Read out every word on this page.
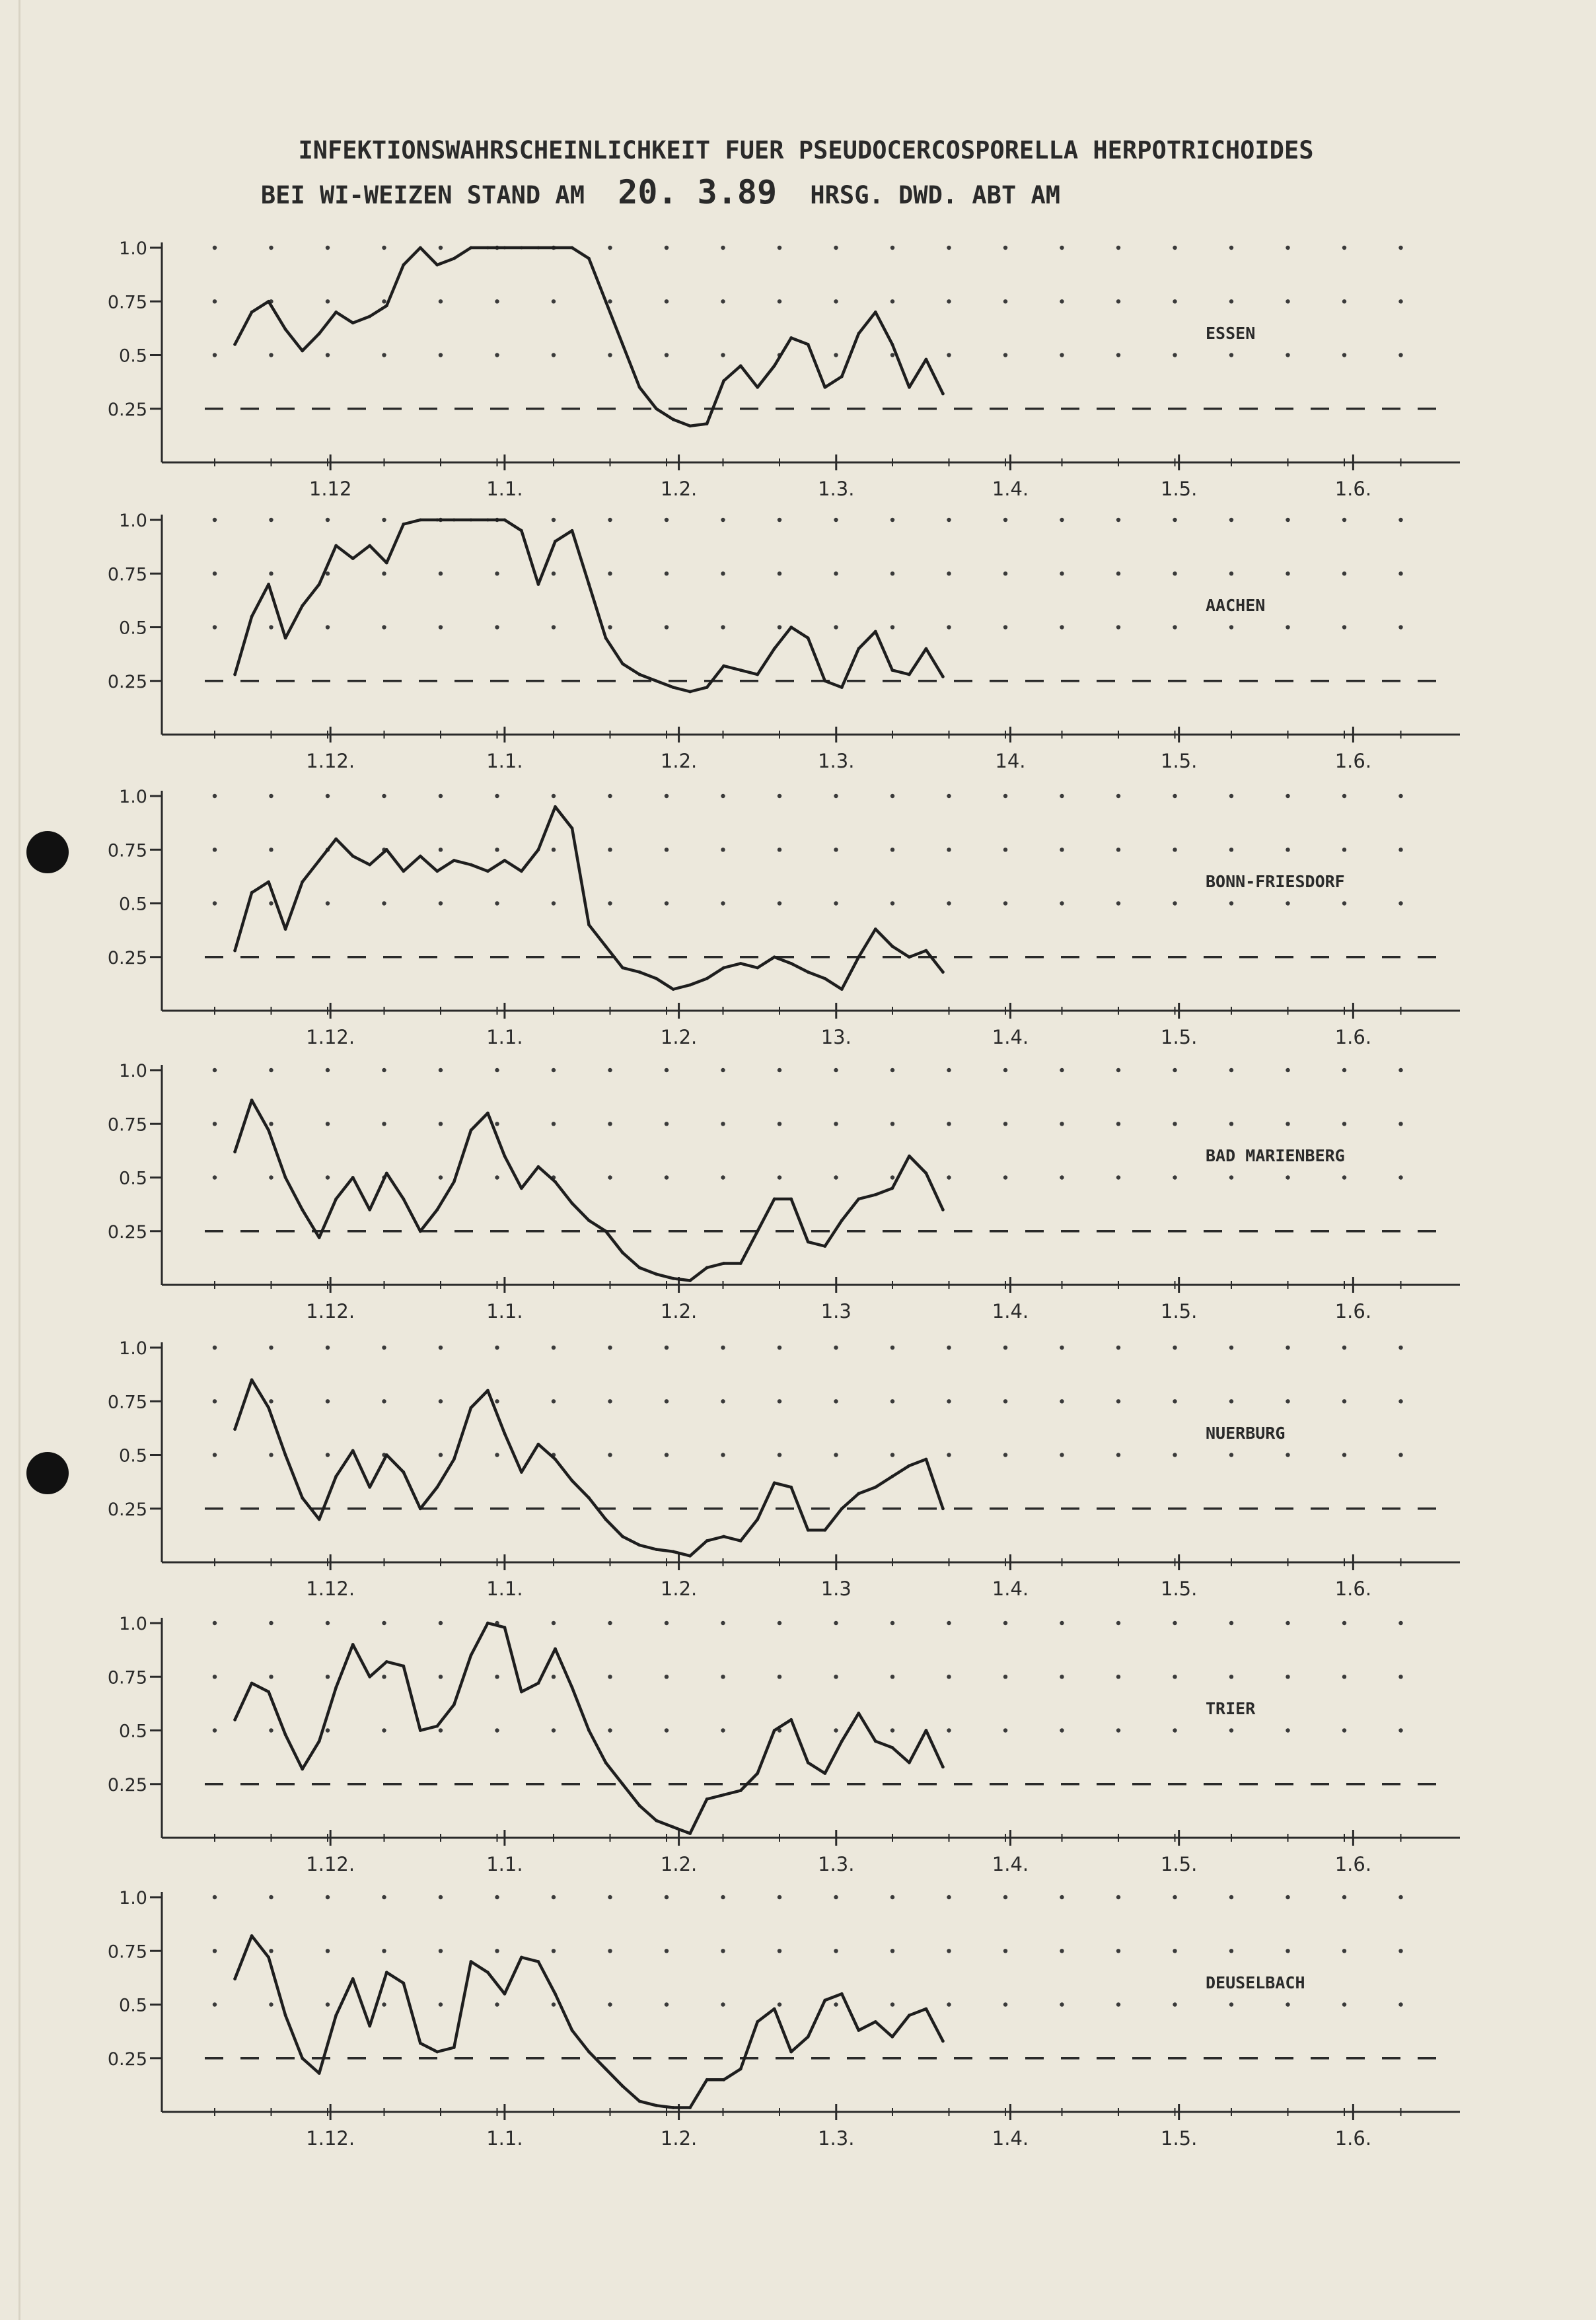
INFEKTIONSWAHRSCHEINLICHKEIT FUER PSEUDOCERCOSPORELLA HERPOTRICHOIDES
BEI WI-WEIZEN STAND AM 20. 3.89 HRSG. DWD. ABT AM
0.25
0.5
0.75
1.0
1.12	1.1.	1.2.	1.3.	1.4.	1.5.	1.6.
ESSEN
0.25
0.5
0.75
1.0
1.12.	1.1.	1.2.	1.3.	14.	1.5.	1.6.
AACHEN
0.25
0.5
0.75
1.0
1.12.	1.1.	1.2.	13.	1.4.	1.5.	1.6.
BONN-FRIESDORF
0.25
0.5
0.75
1.0
1.12.	1.1.	1.2.	1.3	1.4.	1.5.	1.6.
BAD MARIENBERG
0.25
0.5
0.75
1.0
1.12.	1.1.	1.2.	1.3	1.4.	1.5.	1.6.
NUERBURG
0.25
0.5
0.75
1.0
1.12.	1.1.	1.2.	1.3.	1.4.	1.5.	1.6.
TRIER
0.25
0.5
0.75
1.0
1.12.	1.1.	1.2.	1.3.	1.4.	1.5.	1.6.
DEUSELBACH
